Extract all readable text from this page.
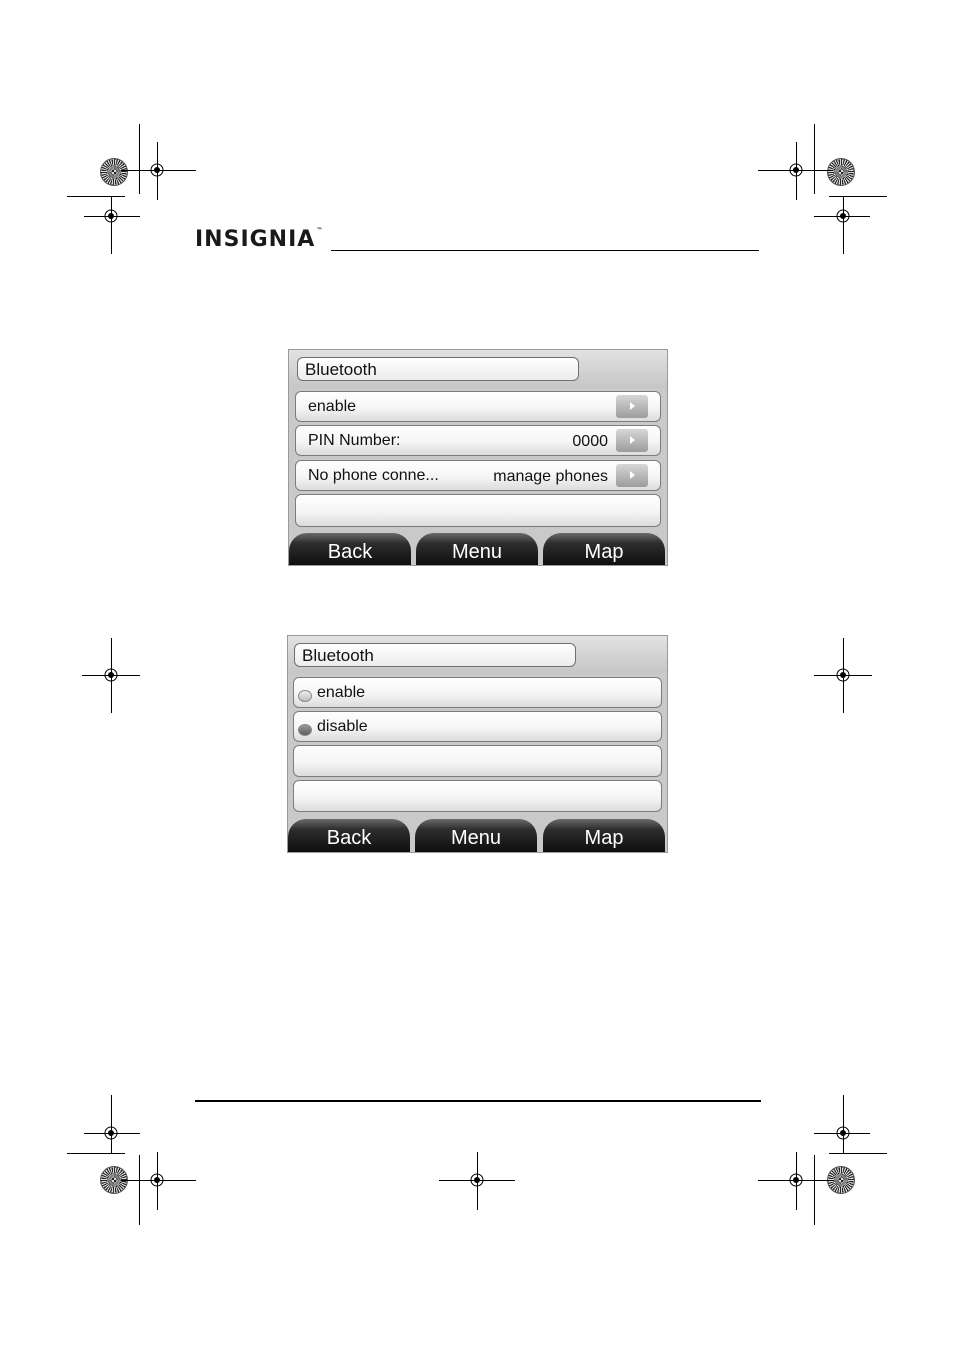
INSIGNIA™
Bluetooth
enable
PIN Number:	0000
No phone conne...	manage phones
Back	Menu	Map
Bluetooth
enable
disable
Back	Menu	Map
